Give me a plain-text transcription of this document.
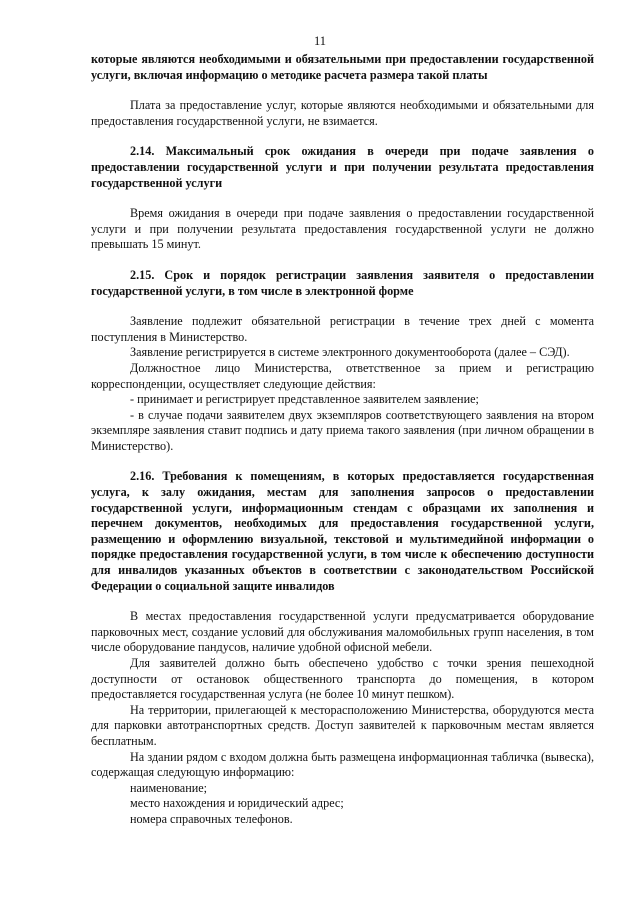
11

которые являются необходимыми и обязательными при предоставлении государственной услуги, включая информацию о методике расчета размера такой платы

Плата за предоставление услуг, которые являются необходимыми и обязательными для предоставления государственной услуги, не взимается.

2.14. Максимальный срок ожидания в очереди при подаче заявления о предоставлении государственной услуги и при получении результата предоставления государственной услуги

Время ожидания в очереди при подаче заявления о предоставлении государственной услуги и при получении результата предоставления государственной услуги не должно превышать 15 минут.

2.15. Срок и порядок регистрации заявления заявителя о предоставлении государственной услуги, в том числе в электронной форме

Заявление подлежит обязательной регистрации в течение трех дней с момента поступления в Министерство.

Заявление регистрируется в системе электронного документооборота (далее – СЭД).

Должностное лицо Министерства, ответственное за прием и регистрацию корреспонденции, осуществляет следующие действия:

- принимает и регистрирует представленное заявителем заявление;

- в случае подачи заявителем двух экземпляров соответствующего заявления на втором экземпляре заявления ставит подпись и дату приема такого заявления (при личном обращении в Министерство).

2.16. Требования к помещениям, в которых предоставляется государственная услуга, к залу ожидания, местам для заполнения запросов о предоставлении государственной услуги, информационным стендам с образцами их заполнения и перечнем документов, необходимых для предоставления государственной услуги, размещению и оформлению визуальной, текстовой и мультимедийной информации о порядке предоставления государственной услуги, в том числе к обеспечению доступности для инвалидов указанных объектов в соответствии с законодательством Российской Федерации о социальной защите инвалидов

В местах предоставления государственной услуги предусматривается оборудование парковочных мест, создание условий для обслуживания маломобильных групп населения, в том числе оборудование пандусов, наличие удобной офисной мебели.

Для заявителей должно быть обеспечено удобство с точки зрения пешеходной доступности от остановок общественного транспорта до помещения, в котором предоставляется государственная услуга (не более 10 минут пешком).

На территории, прилегающей к месторасположению Министерства, оборудуются места для парковки автотранспортных средств. Доступ заявителей к парковочным местам является бесплатным.

На здании рядом с входом должна быть размещена информационная табличка (вывеска), содержащая следующую информацию:

наименование;

место нахождения и юридический адрес;

номера справочных телефонов.
